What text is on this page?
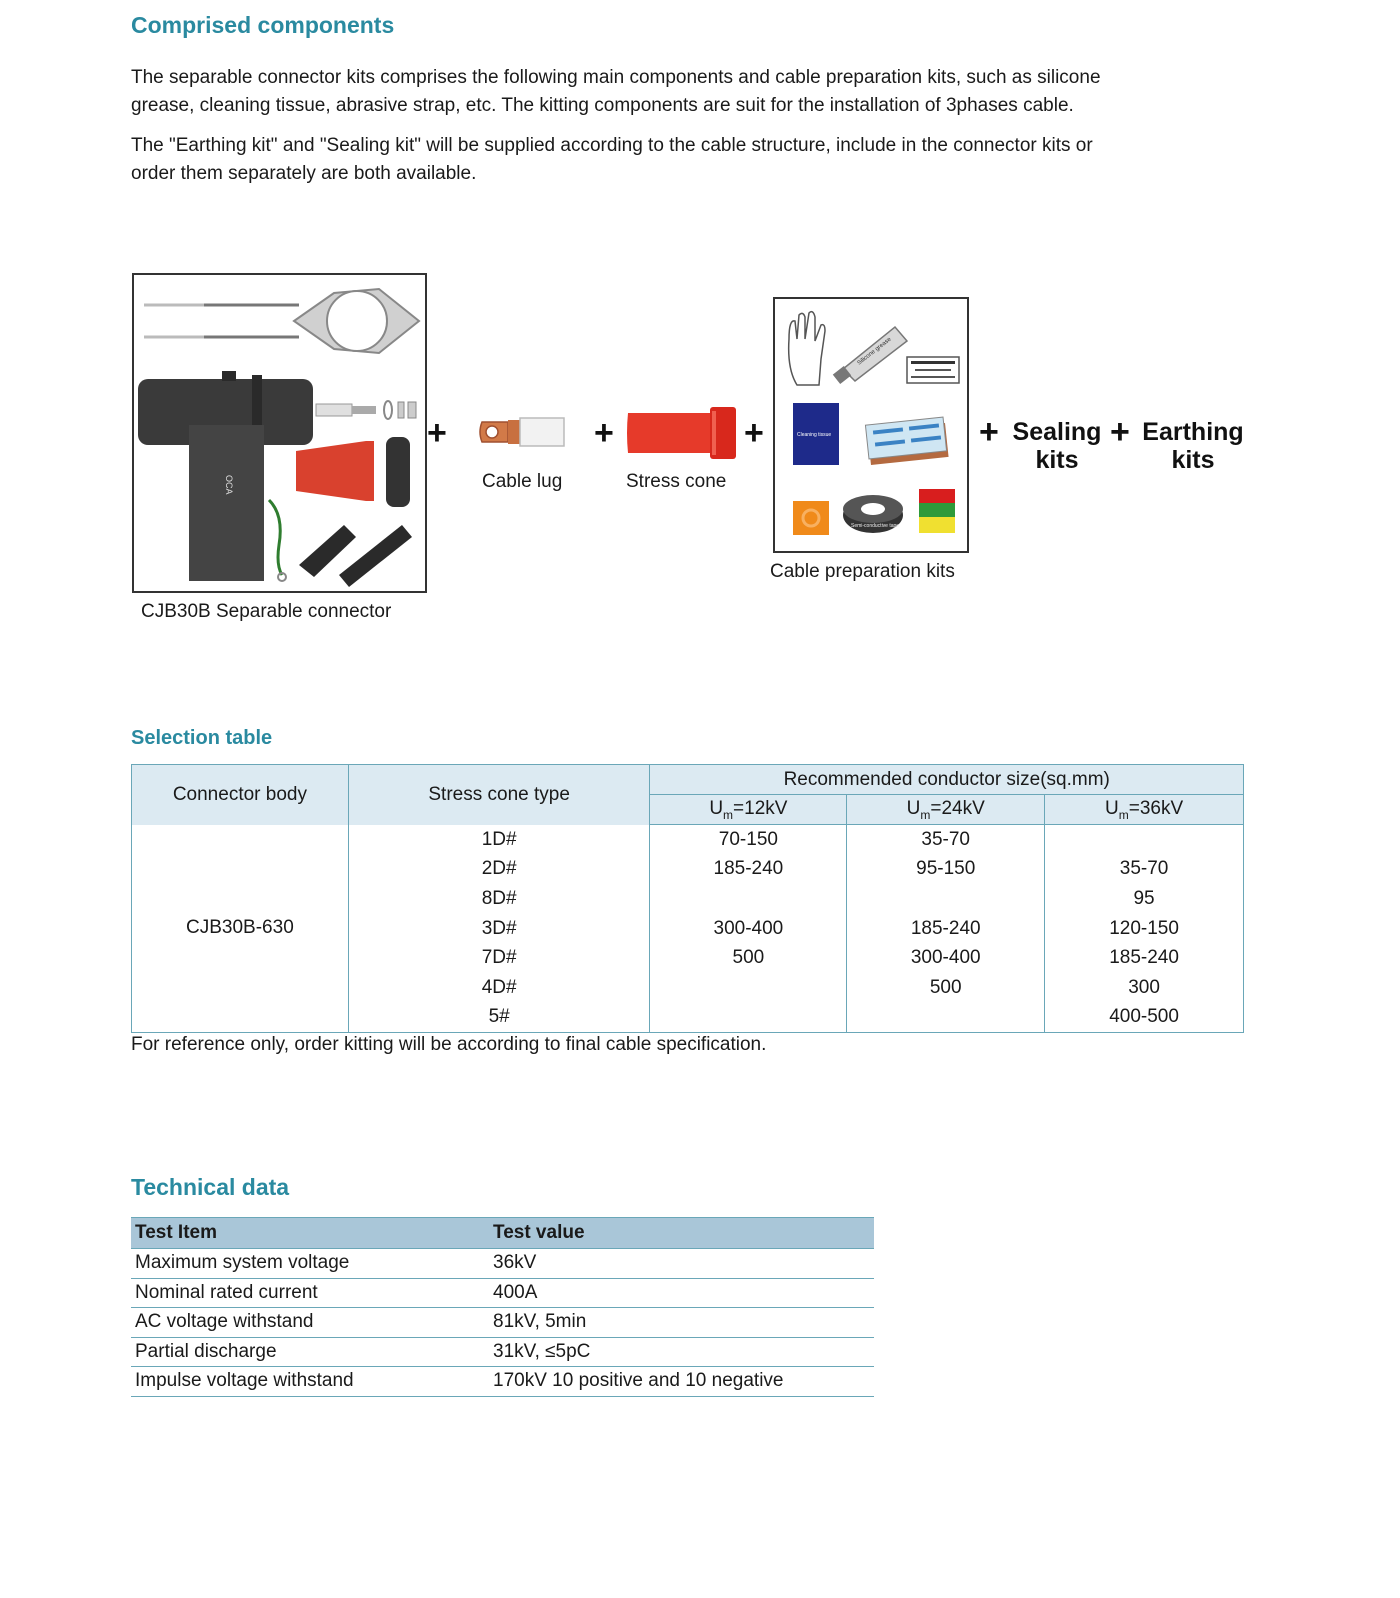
Comprised components
The separable connector kits comprises the following main components and cable preparation kits, such as silicone
grease, cleaning tissue, abrasive strap, etc. The kitting components are suit for the installation of 3phases cable.
The "Earthing kit" and "Sealing kit" will be supplied according to the cable structure, include in the connector kits or
order them separately are both available.
OCA
CJB30B Separable connector
+
Cable lug
+
Stress cone
+
Silicone grease
Cleaning tissue
Semi-conductive tape
Cable preparation kits
+ Sealing
kits
+ Earthing
kits
Selection table
Connector body	Stress cone type	Recommended conductor size(sq.mm)		
		$U_m=12kV$	$U_m=24kV$	$U_m=36kV$
CJB30B-630	1D#	70-150	35-70	
	2D#	185-240	95-150	35-70
	8D#			95
	3D#	300-400	185-240	120-150
	7D#	500	300-400	185-240
	4D#		500	300
	5#			400-500
For reference only, order kitting will be according to final cable specification.
Technical data
Test Item	Test value
Maximum system voltage	36kV
Nominal rated current	400A
AC voltage withstand	81kV, 5min
Partial discharge	31kV, ≤5pC
Impulse voltage withstand	170kV 10 positive and 10 negative
